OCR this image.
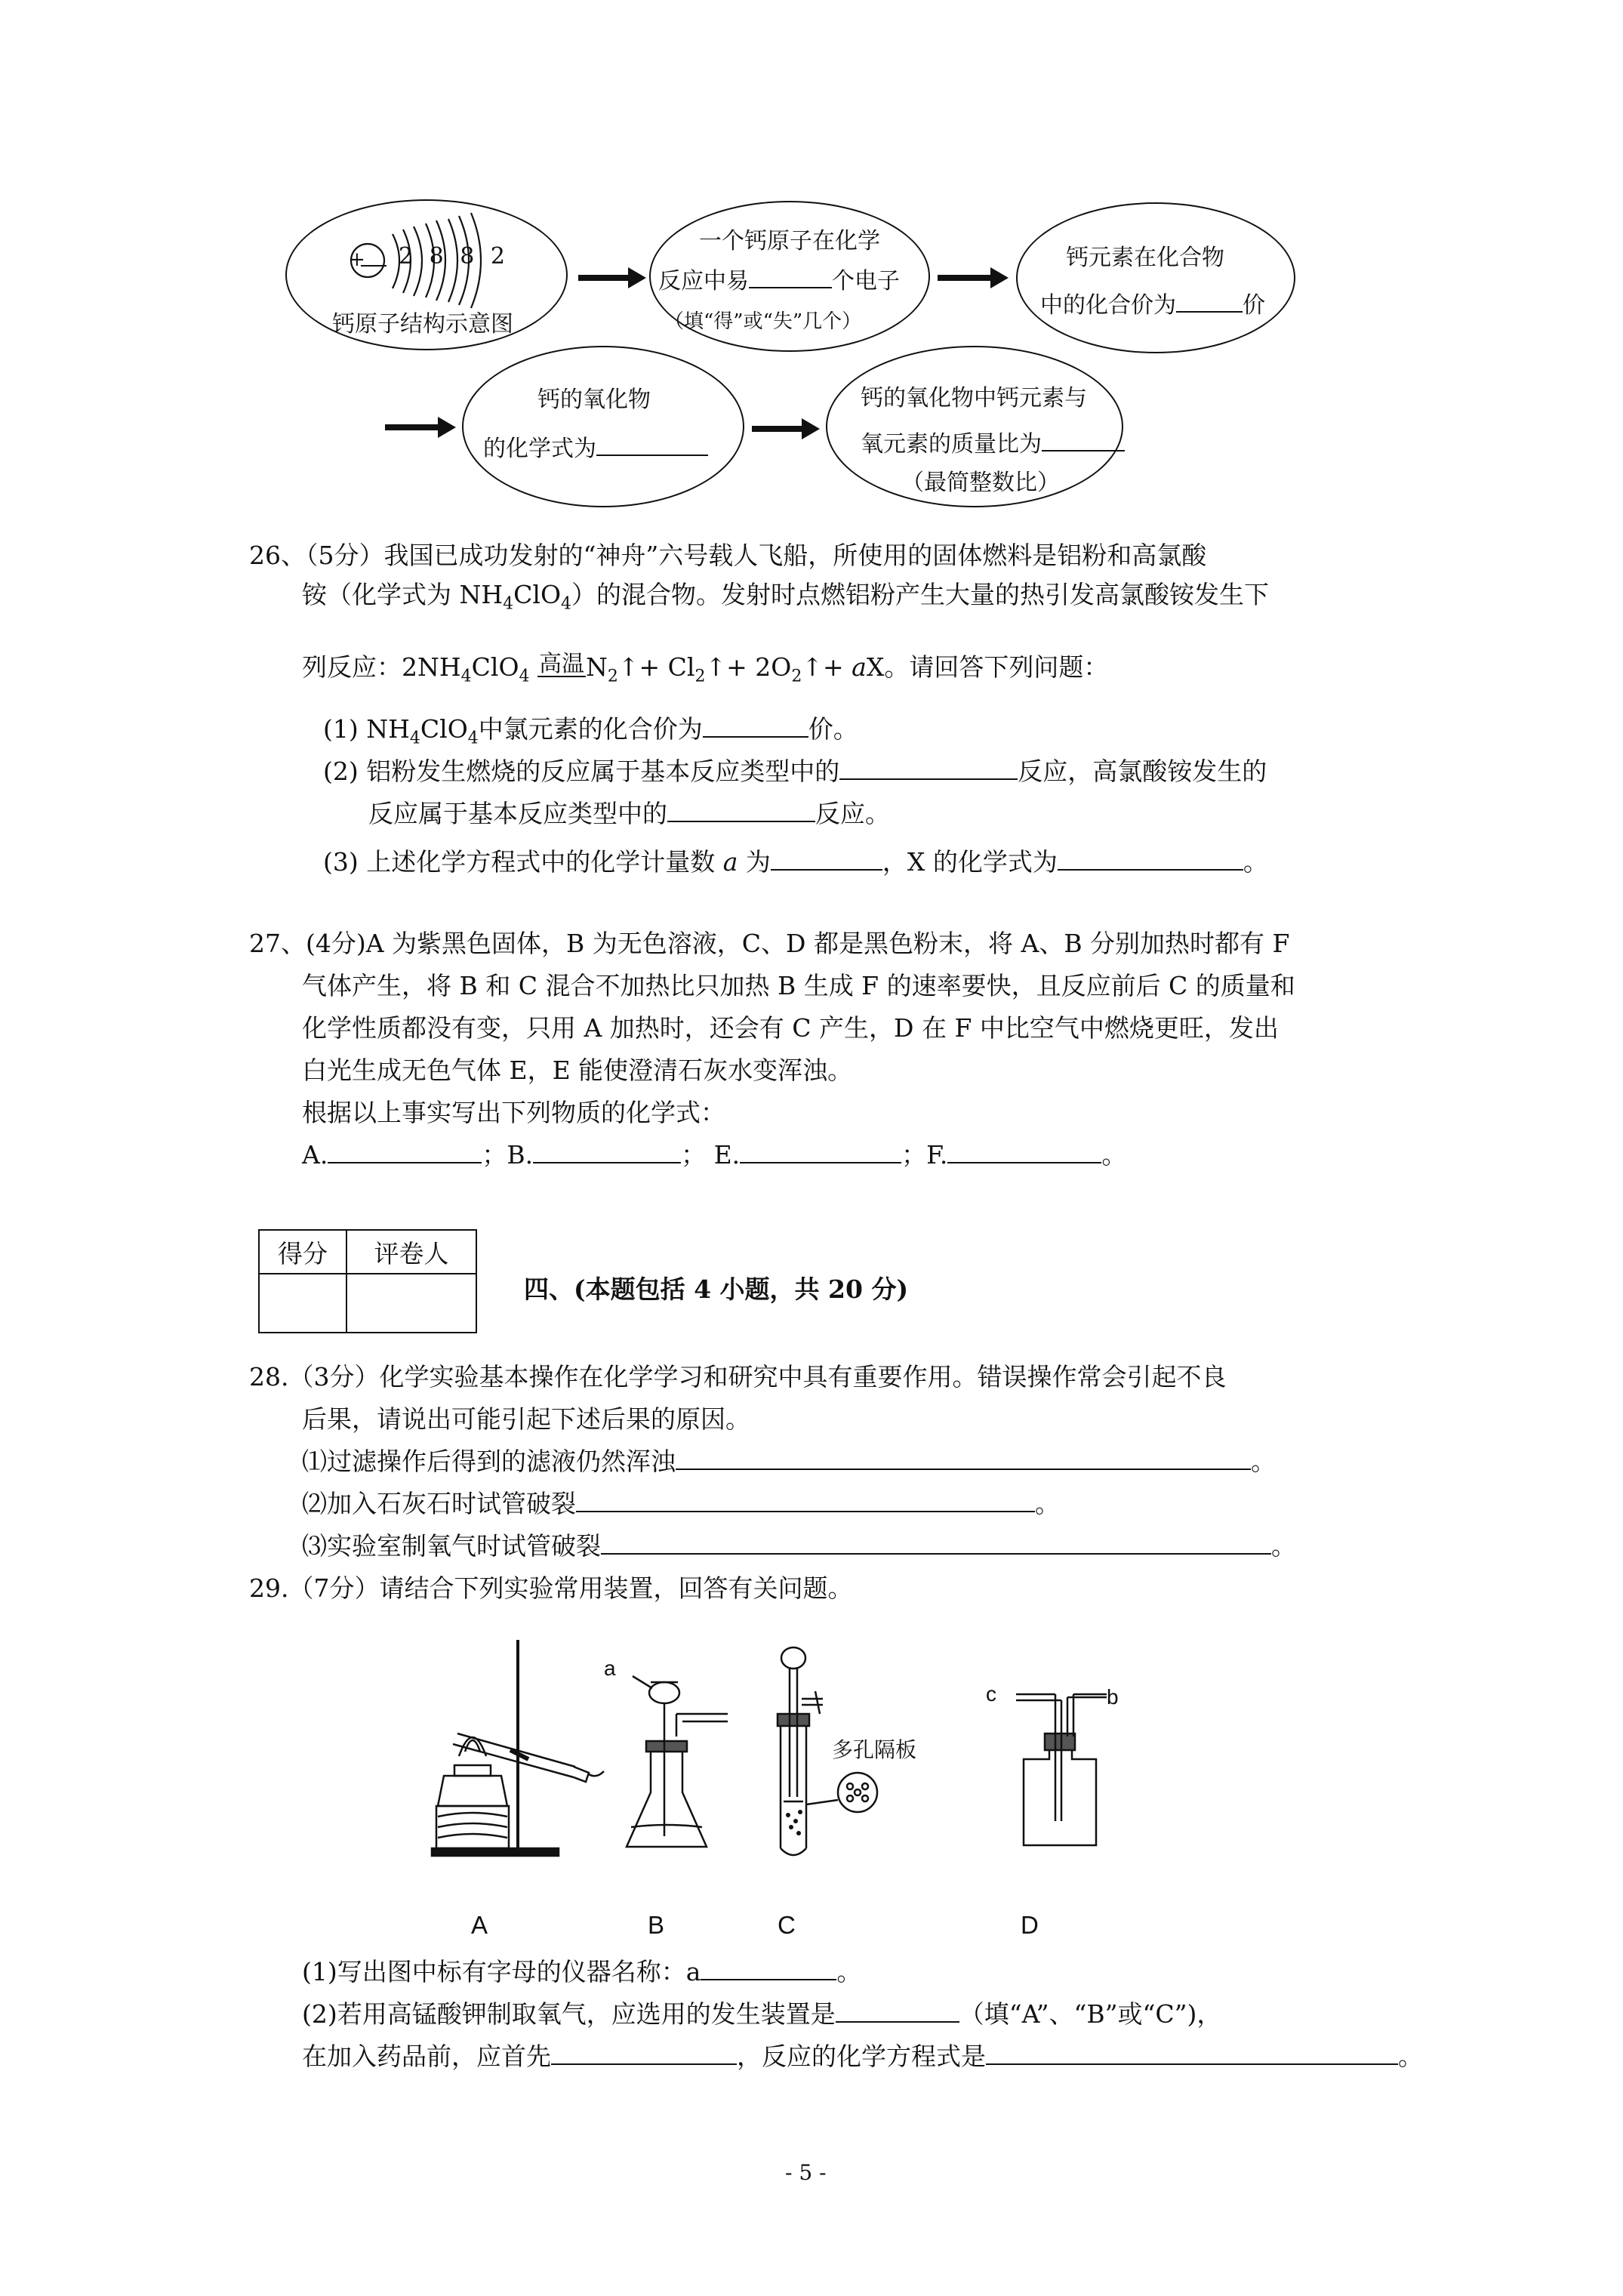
+ 2 8 8 2
钙原子结构示意图
一个钙原子在化学
反应中易	个电子
（填“得”或“失”几个）
钙元素在化合物
中的化合价为	价
钙的氧化物
的化学式为
钙的氧化物中钙元素与
氧元素的质量比为
（最简整数比）
26、（5分）我国已成功发射的“神舟”六号载人飞船，所使用的固体燃料是铝粉和高氯酸
铵（化学式为 $NH_4ClO_4$）的混合物。发射时点燃铝粉产生大量的热引发高氯酸铵发生下
列反应：$2NH_4ClO_4$ 高温$N_2↑+$ $Cl_2↑+$ $2O_2↑+$ aX。请回答下列问题：
(1) $NH_4ClO_4$中氯元素的化合价为	价。
(2) 铝粉发生燃烧的反应属于基本反应类型中的	反应，高氯酸铵发生的
反应属于基本反应类型中的	反应。
(3) 上述化学方程式中的化学计量数 a 为	，X 的化学式为	。
27、(4分)A 为紫黑色固体，B 为无色溶液，C、D 都是黑色粉末，将 A、B 分别加热时都有 F
气体产生，将 B 和 C 混合不加热比只加热 B 生成 F 的速率要快，且反应前后 C 的质量和
化学性质都没有变，只用 A 加热时，还会有 C 产生，D 在 F 中比空气中燃烧更旺，发出
白光生成无色气体 E，E 能使澄清石灰水变浑浊。
根据以上事实写出下列物质的化学式：
A.	；B.	； E.	；F.	。
得分	评卷人

四、(本题包括 4 小题，共 20 分)
28.（3分）化学实验基本操作在化学学习和研究中具有重要作用。错误操作常会引起不良
后果，请说出可能引起下述后果的原因。
⑴过滤操作后得到的滤液仍然浑浊	。
⑵加入石灰石时试管破裂	。
⑶实验室制氧气时试管破裂	。
29.（7分）请结合下列实验常用装置，回答有关问题。
a
c	b
多孔隔板
A	B	C	D
(1)写出图中标有字母的仪器名称：a	。
(2)若用高锰酸钾制取氧气，应选用的发生装置是	（填“A”、“B”或“C”)，
在加入药品前，应首先	，反应的化学方程式是	。
- 5 -
